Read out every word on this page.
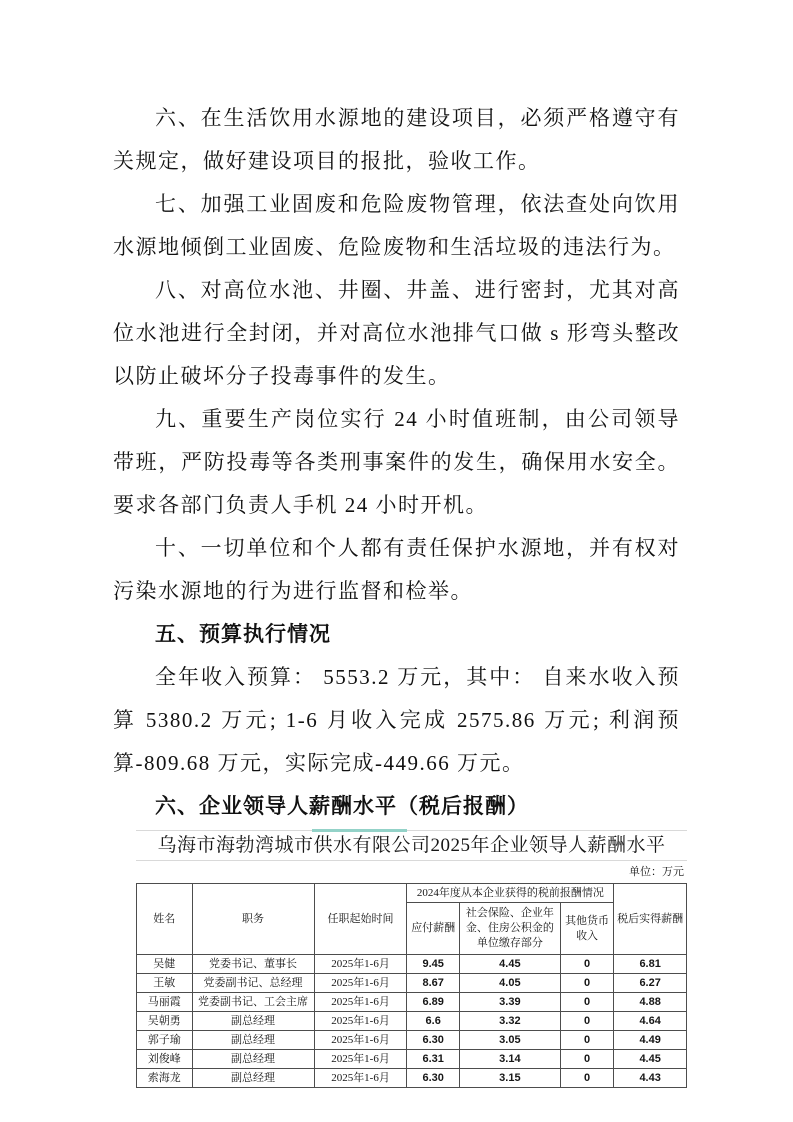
六、在生活饮用水源地的建设项目，必须严格遵守有关规定，做好建设项目的报批，验收工作。

七、加强工业固废和危险废物管理，依法查处向饮用水源地倾倒工业固废、危险废物和生活垃圾的违法行为。

八、对高位水池、井圈、井盖、进行密封，尤其对高位水池进行全封闭，并对高位水池排气口做 s 形弯头整改以防止破坏分子投毒事件的发生。

九、重要生产岗位实行 24 小时值班制，由公司领导带班，严防投毒等各类刑事案件的发生，确保用水安全。要求各部门负责人手机 24 小时开机。

十、一切单位和个人都有责任保护水源地，并有权对污染水源地的行为进行监督和检举。

五、预算执行情况

全年收入预算： 5553.2 万元，其中： 自来水收入预算 5380.2 万元; 1-6 月收入完成 2575.86 万元; 利润预算-809.68 万元，实际完成-449.66 万元。

六、企业领导人薪酬水平（税后报酬）
乌海市海勃湾城市供水有限公司2025年企业领导人薪酬水平
单位：万元
姓名	职务	任职起始时间	2024年度从本企业获得的税前报酬情况			税后实得薪酬
			应付薪酬	社会保险、企业年金、住房公积金的单位缴存部分	其他货币收入	
吴健	党委书记、董事长	2025年1-6月	9.45	4.45	0	6.81
王敏	党委副书记、总经理	2025年1-6月	8.67	4.05	0	6.27
马丽霞	党委副书记、工会主席	2025年1-6月	6.89	3.39	0	4.88
吴朝勇	副总经理	2025年1-6月	6.6	3.32	0	4.64
郭子瑜	副总经理	2025年1-6月	6.30	3.05	0	4.49
刘俊峰	副总经理	2025年1-6月	6.31	3.14	0	4.45
索海龙	副总经理	2025年1-6月	6.30	3.15	0	4.43
